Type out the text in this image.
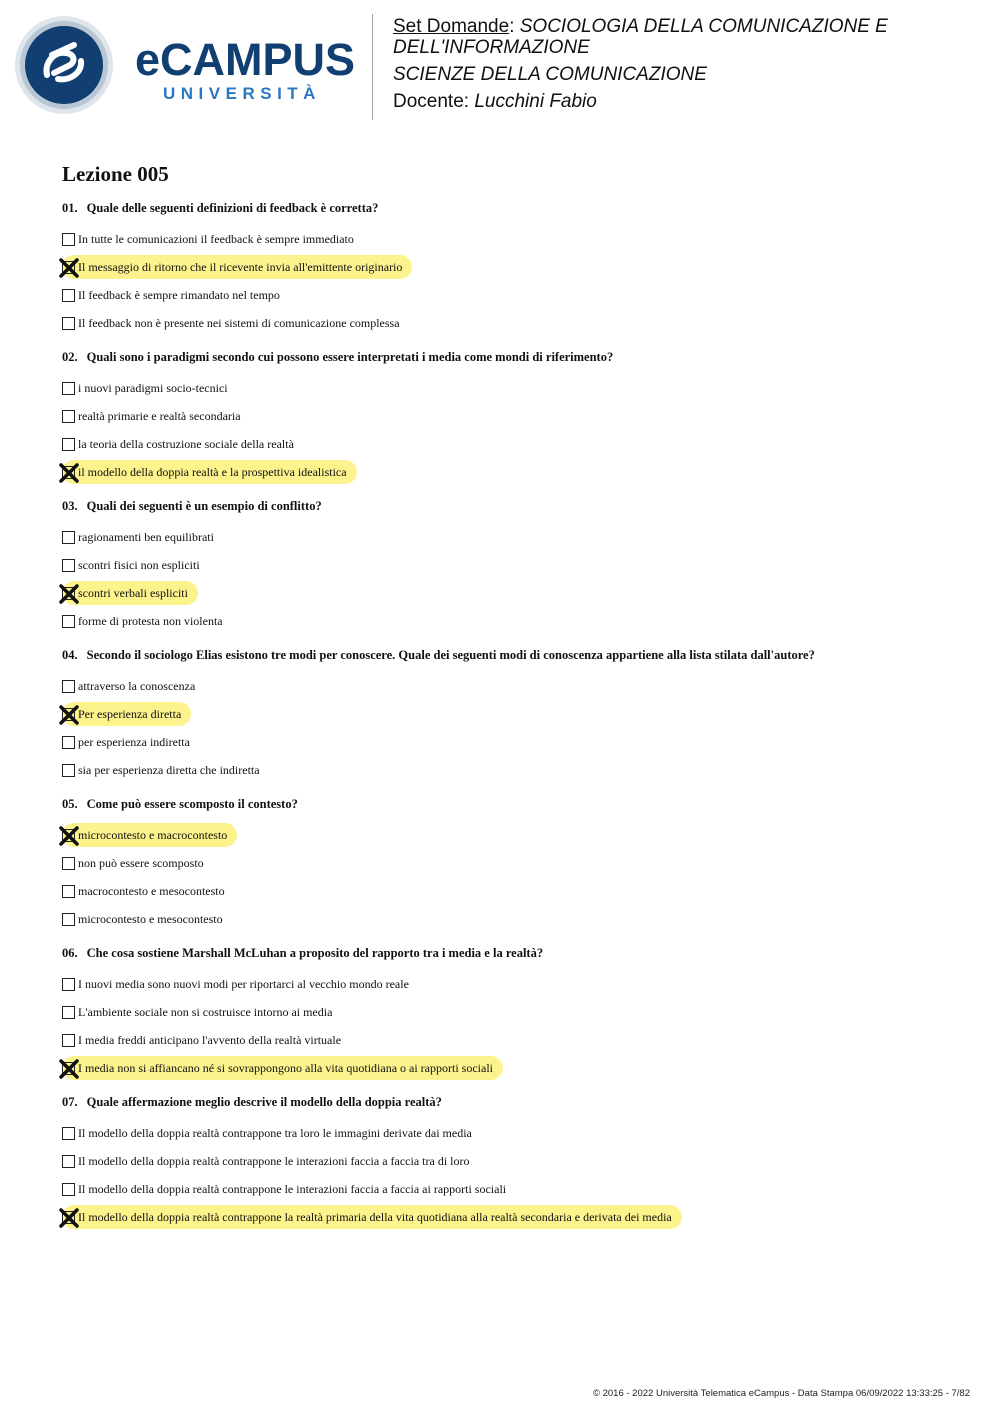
eCAMPUS
UNIVERSITÀ
Set Domande: SOCIOLOGIA DELLA COMUNICAZIONE E DELL'INFORMAZIONE
SCIENZE DELLA COMUNICAZIONE
Docente: Lucchini Fabio
Lezione 005
01. Quale delle seguenti definizioni di feedback è corretta?
In tutte le comunicazioni il feedback è sempre immediato
Il messaggio di ritorno che il ricevente invia all'emittente originario
Il feedback è sempre rimandato nel tempo
Il feedback non è presente nei sistemi di comunicazione complessa
02. Quali sono i paradigmi secondo cui possono essere interpretati i media come mondi di riferimento?
i nuovi paradigmi socio-tecnici
realtà primarie e realtà secondaria
la teoria della costruzione sociale della realtà
il modello della doppia realtà e la prospettiva idealistica
03. Quali dei seguenti è un esempio di conflitto?
ragionamenti ben equilibrati
scontri fisici non espliciti
scontri verbali espliciti
forme di protesta non violenta
04. Secondo il sociologo Elias esistono tre modi per conoscere. Quale dei seguenti modi di conoscenza appartiene alla lista stilata dall'autore?
attraverso la conoscenza
Per esperienza diretta
per esperienza indiretta
sia per esperienza diretta che indiretta
05. Come può essere scomposto il contesto?
microcontesto e macrocontesto
non può essere scomposto
macrocontesto e mesocontesto
microcontesto e mesocontesto
06. Che cosa sostiene Marshall McLuhan a proposito del rapporto tra i media e la realtà?
I nuovi media sono nuovi modi per riportarci al vecchio mondo reale
L'ambiente sociale non si costruisce intorno ai media
I media freddi anticipano l'avvento della realtà virtuale
I media non si affiancano né si sovrappongono alla vita quotidiana o ai rapporti sociali
07. Quale affermazione meglio descrive il modello della doppia realtà?
Il modello della doppia realtà contrappone tra loro le immagini derivate dai media
Il modello della doppia realtà contrappone le interazioni faccia a faccia tra di loro
Il modello della doppia realtà contrappone le interazioni faccia a faccia ai rapporti sociali
Il modello della doppia realtà contrappone la realtà primaria della vita quotidiana alla realtà secondaria e derivata dei media
© 2016 - 2022 Università Telematica eCampus - Data Stampa 06/09/2022 13:33:25 - 7/82
